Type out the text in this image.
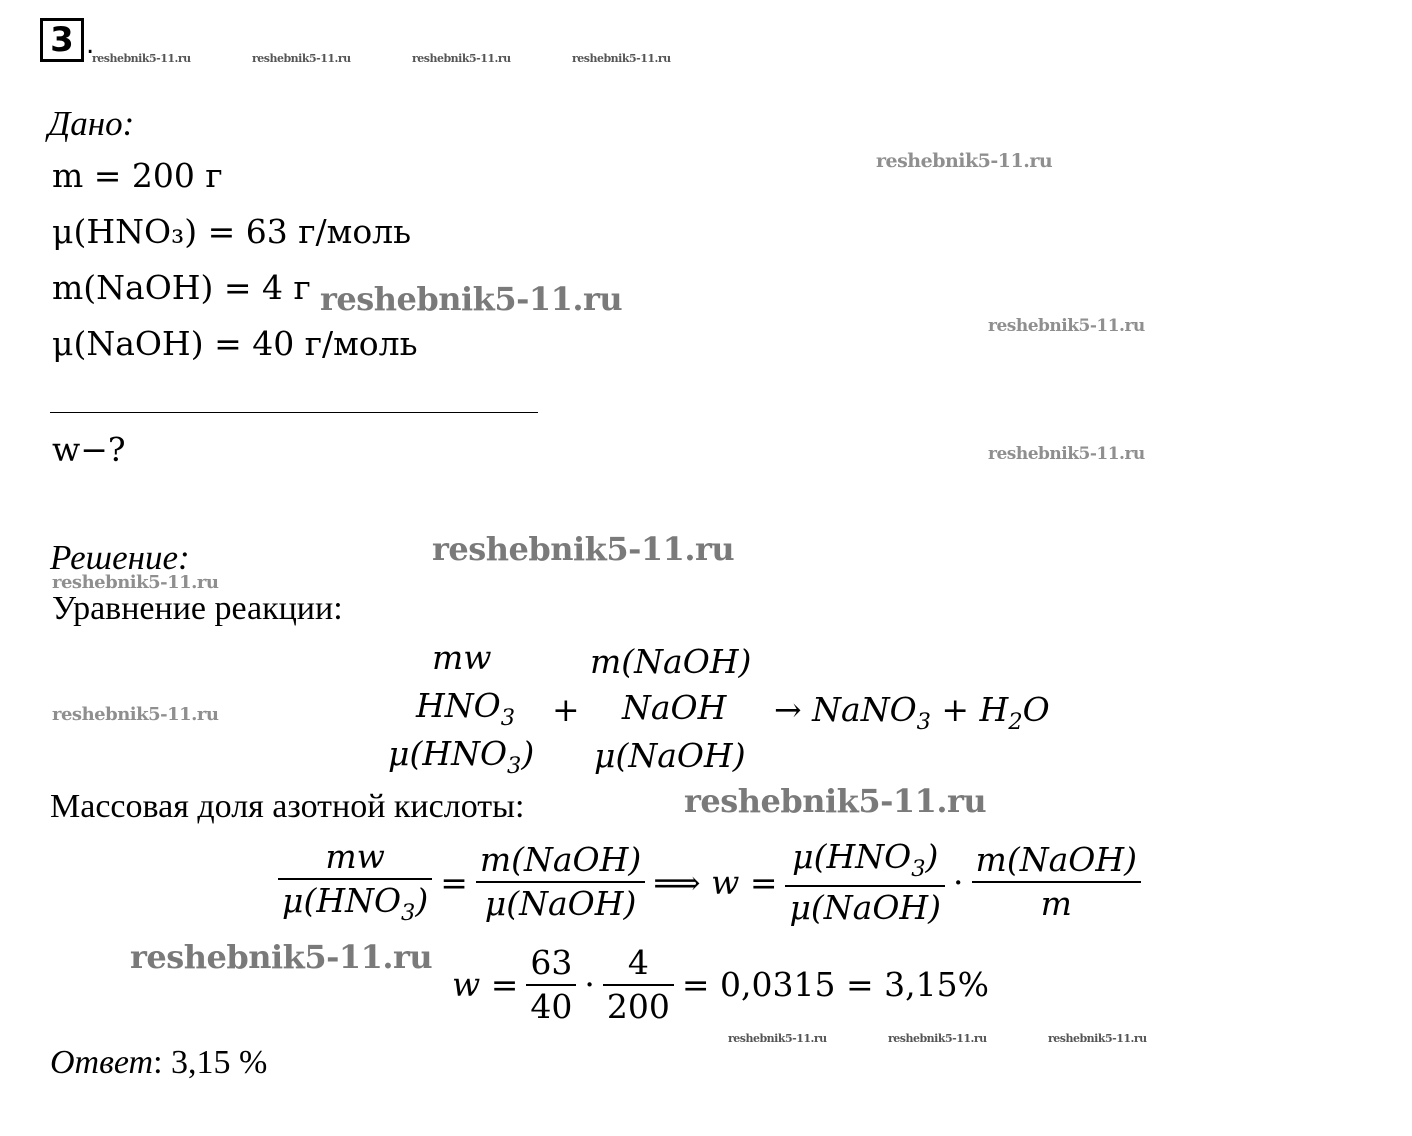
3 .
reshebnik5-11.ru	reshebnik5-11.ru	reshebnik5-11.ru	reshebnik5-11.ru
Дано:
m = 200 г
μ(HNO₃) = 63 г/моль
m(NaOH) = 4 г
μ(NaOH) = 40 г/моль
reshebnik5-11.ru
reshebnik5-11.ru
reshebnik5-11.ru
w−?	reshebnik5-11.ru
Решение:	reshebnik5-11.ru
reshebnik5-11.ru
Уравнение реакции:
mw
$HNO_3$
$\mu(HNO_3)$
+
m(NaOH)
NaOH
μ(NaOH)
→ NaNO$_3$ + $H_2O$
reshebnik5-11.ru
Массовая доля азотной кислоты:	reshebnik5-11.ru
$\frac{mw}{\mu(HNO_3)} = \frac{\text{m(NaOH)}}{\text{μ(NaOH)}}$ ⟹ $w = \frac{\mu(HNO_3)}{\text{μ(NaOH)}} \cdot \frac{\text{m(NaOH)}}{m}$
reshebnik5-11.ru
$w = \frac{63}{40} \cdot \frac{4}{200} = 0,0315 = 3,15\%$
reshebnik5-11.ru	reshebnik5-11.ru	reshebnik5-11.ru
Ответ: 3,15 %
